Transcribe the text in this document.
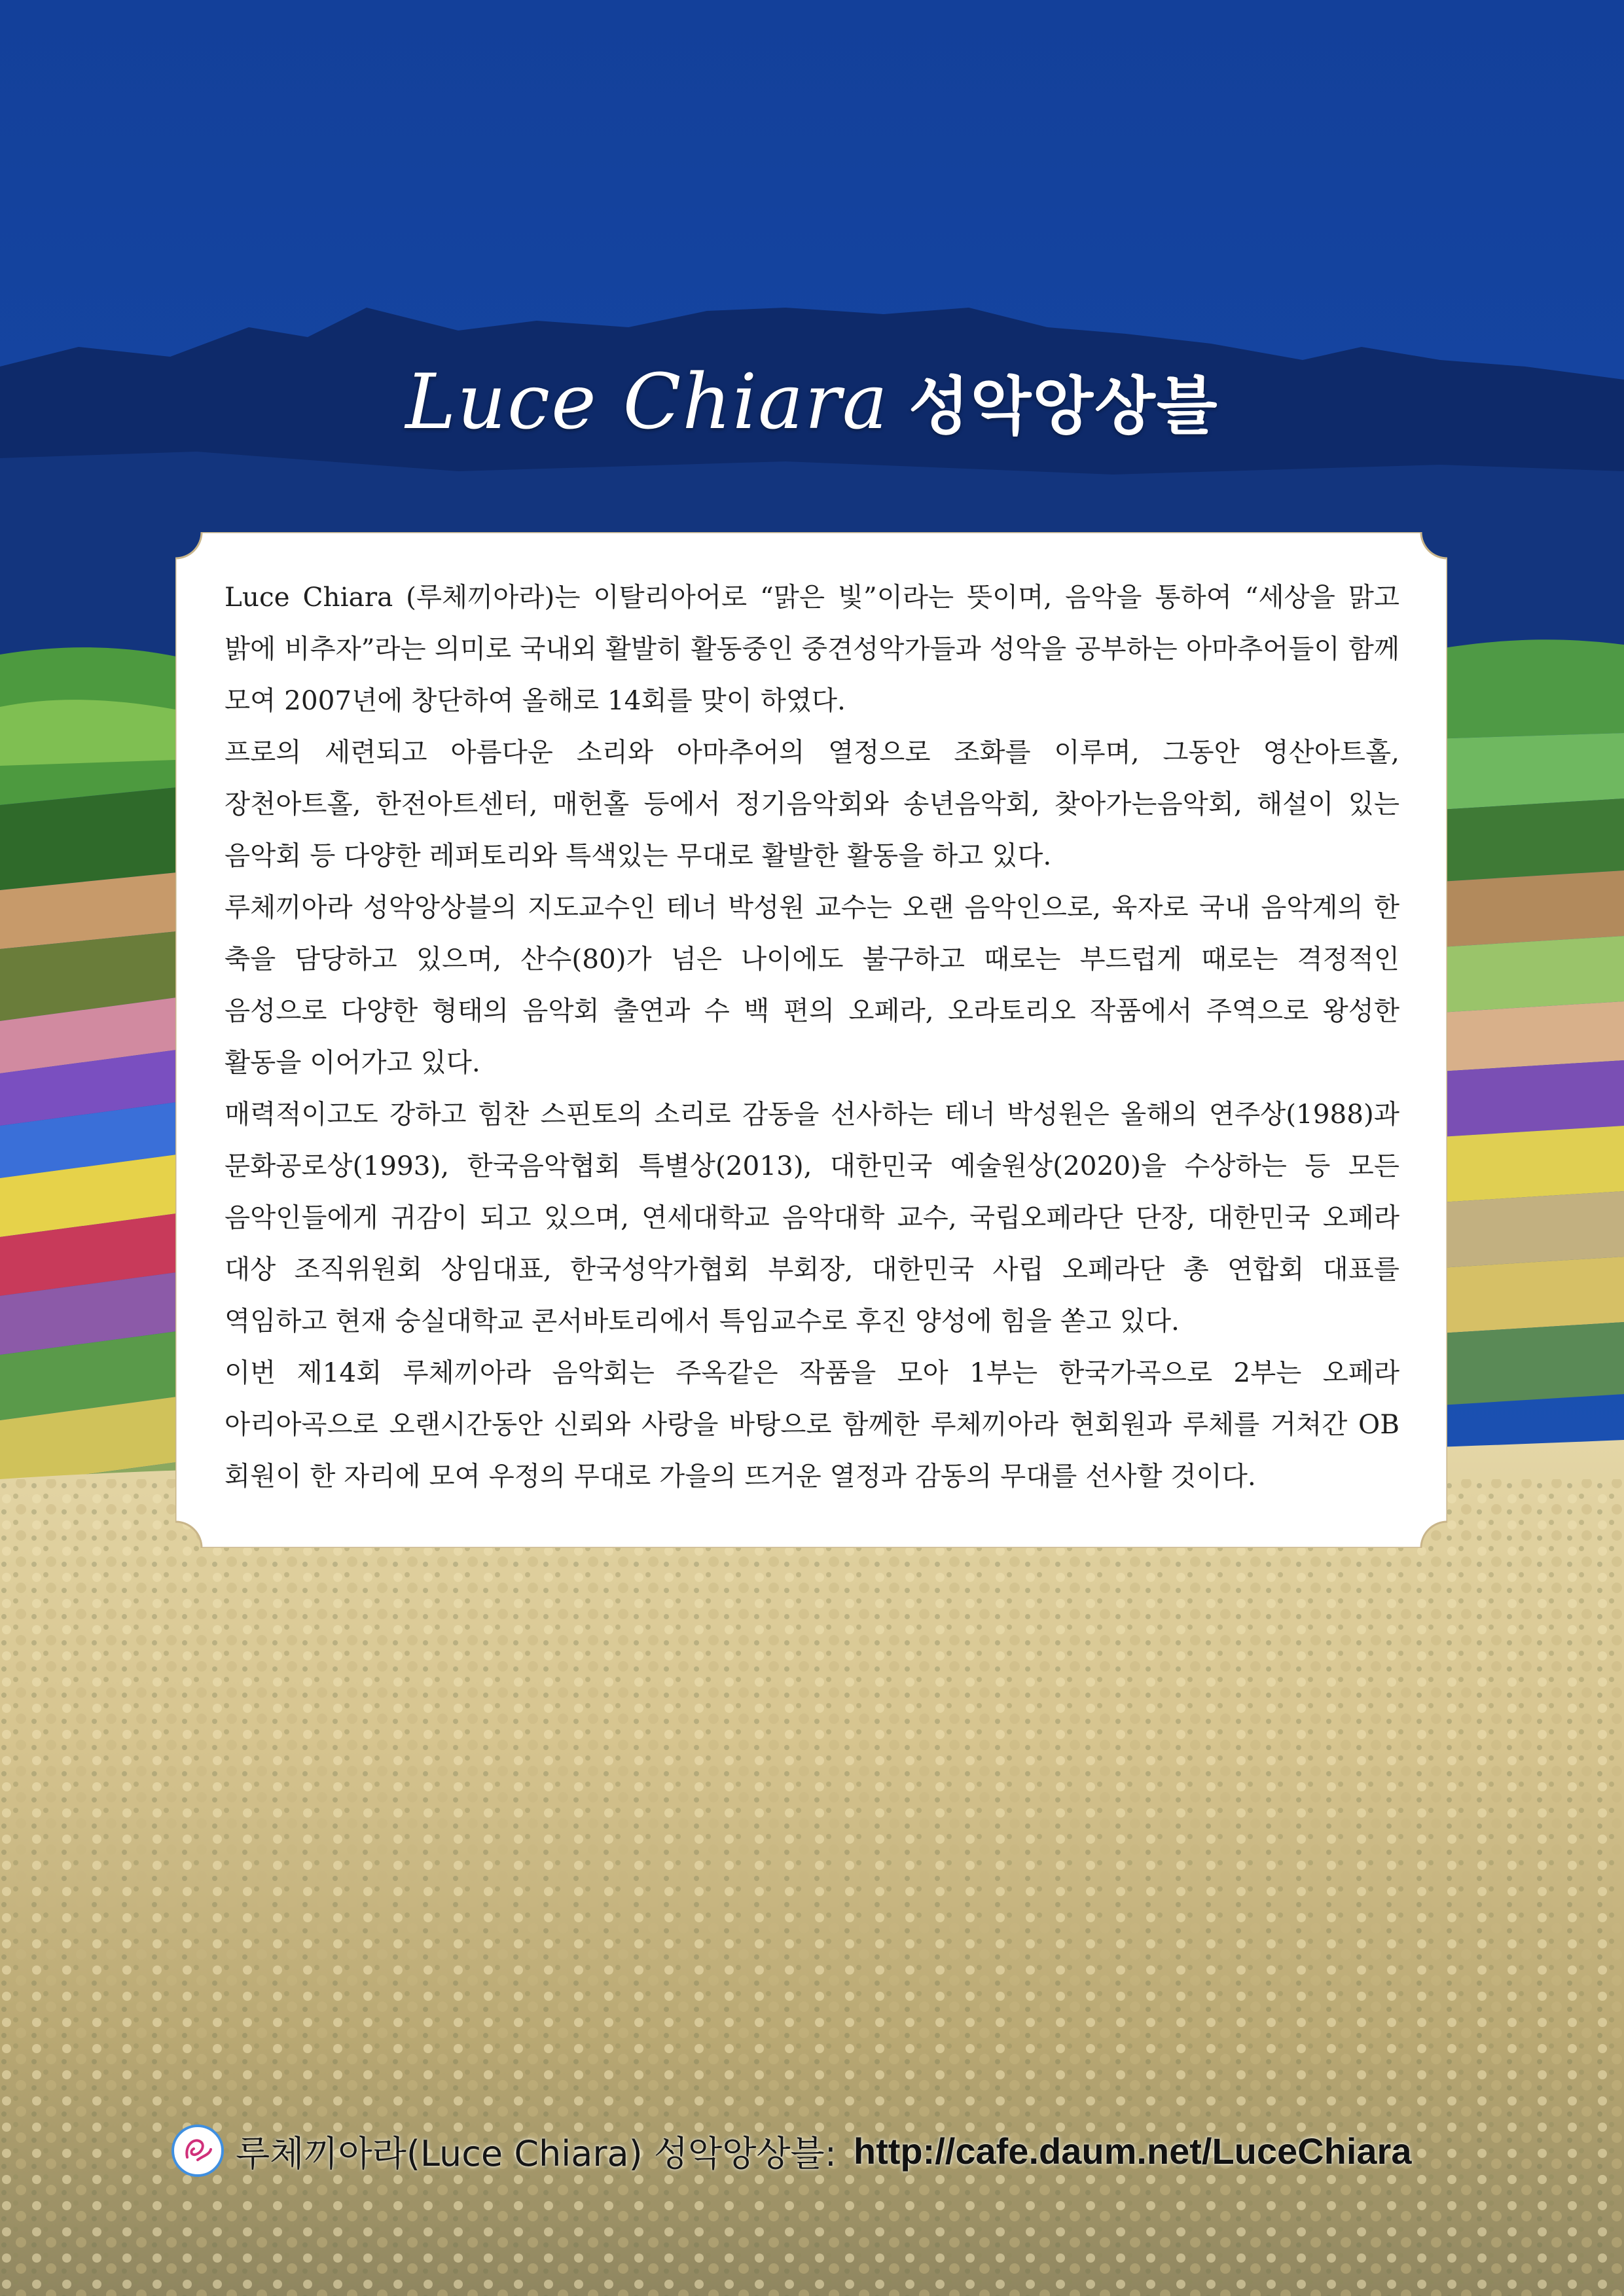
Luce Chiara 성악앙상블

Luce Chiara (루체끼아라)는 이탈리아어로 “맑은 빛”이라는 뜻이며, 음악을 통하여 “세상을 맑고 밝에 비추자”라는 의미로 국내외 활발히 활동중인 중견성악가들과 성악을 공부하는 아마추어들이 함께 모여 2007년에 창단하여 올해로 14회를 맞이 하였다.

프로의 세련되고 아름다운 소리와 아마추어의 열정으로 조화를 이루며, 그동안 영산아트홀, 장천아트홀, 한전아트센터, 매헌홀 등에서 정기음악회와 송년음악회, 찾아가는음악회, 해설이 있는 음악회 등 다양한 레퍼토리와 특색있는 무대로 활발한 활동을 하고 있다.

루체끼아라 성악앙상블의 지도교수인 테너 박성원 교수는 오랜 음악인으로, 육자로 국내 음악계의 한 축을 담당하고 있으며, 산수(80)가 넘은 나이에도 불구하고 때로는 부드럽게 때로는 격정적인 음성으로 다양한 형태의 음악회 출연과 수 백 편의 오페라, 오라토리오 작품에서 주역으로 왕성한 활동을 이어가고 있다.

매력적이고도 강하고 힘찬 스핀토의 소리로 감동을 선사하는 테너 박성원은 올해의 연주상(1988)과 문화공로상(1993), 한국음악협회 특별상(2013), 대한민국 예술원상(2020)을 수상하는 등 모든 음악인들에게 귀감이 되고 있으며, 연세대학교 음악대학 교수, 국립오페라단 단장, 대한민국 오페라 대상 조직위원회 상임대표, 한국성악가협회 부회장, 대한민국 사립 오페라단 총 연합회 대표를 역임하고 현재 숭실대학교 콘서바토리에서 특임교수로 후진 양성에 힘을 쏟고 있다.

이번 제14회 루체끼아라 음악회는 주옥같은 작품을 모아 1부는 한국가곡으로 2부는 오페라 아리아곡으로 오랜시간동안 신뢰와 사랑을 바탕으로 함께한 루체끼아라 현회원과 루체를 거쳐간 OB 회원이 한 자리에 모여 우정의 무대로 가을의 뜨거운 열정과 감동의 무대를 선사할 것이다.

루체끼아라(Luce Chiara) 성악앙상블: http://cafe.daum.net/LuceChiara
